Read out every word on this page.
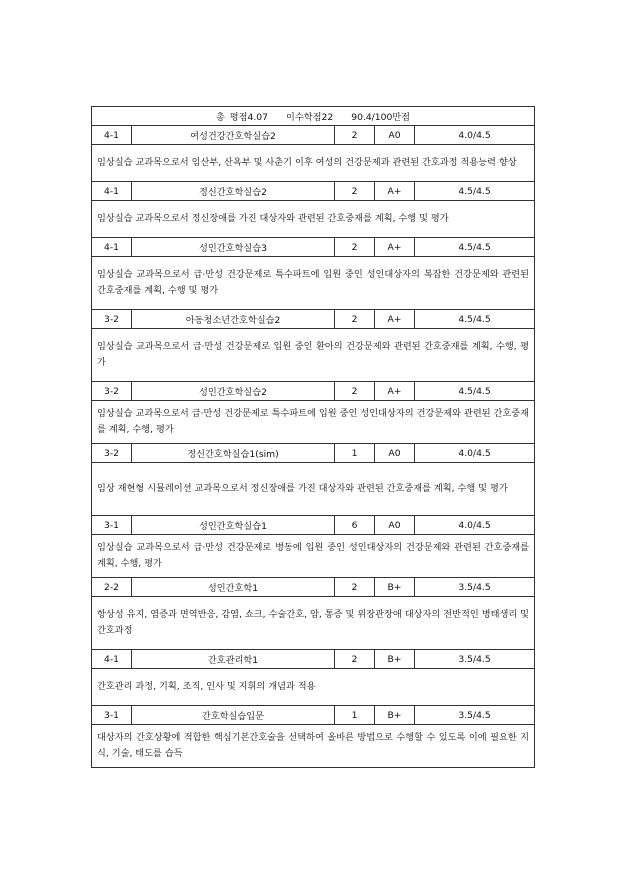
총 평점4.07 이수학점22 90.4/100만점				
4-1	여성건강간호학실습2	2	A0	4.0/4.5
임상실습 교과목으로서 임산부, 산욕부 및 사춘기 이후 여성의 건강문제과 관련된 간호과정 적용능력 향상				
4-1	정신간호학실습2	2	A+	4.5/4.5
임상실습 교과목으로서 정신장애를 가진 대상자와 관련된 간호중재를 계획, 수행 및 평가				
4-1	성인간호학실습3	2	A+	4.5/4.5
임상실습 교과목으로서 급·만성 건강문제로 특수파트에 입원 중인 성인대상자의 복잡한 건강문제와 관련된 간호중재를 계획, 수행 및 평가				
3-2	아동청소년간호학실습2	2	A+	4.5/4.5
임상실습 교과목으로서 급·만성 건강문제로 입원 중인 환아의 건강문제와 관련된 간호중재를 계획, 수행, 평가				
3-2	성인간호학실습2	2	A+	4.5/4.5
임상실습 교과목으로서 급·만성 건강문제로 특수파트에 입원 중인 성인대상자의 건강문제와 관련된 간호중재를 계획, 수행, 평가				
3-2	정신간호학실습1(sim)	1	A0	4.0/4.5
임상 재현형 시뮬레이션 교과목으로서 정신장애를 가진 대상자와 관련된 간호중재를 계획, 수행 및 평가				
3-1	성인간호학실습1	6	A0	4.0/4.5
임상실습 교과목으로서 급·만성 건강문제로 병동에 입원 중인 성인대상자의 건강문제와 관련된 간호중재를 계획, 수행, 평가				
2-2	성인간호학1	2	B+	3.5/4.5
항상성 유지, 염증과 면역반응, 감염, 쇼크, 수술간호, 암, 통증 및 위장관장애 대상자의 전반적인 병태생리 및 간호과정				
4-1	간호관리학1	2	B+	3.5/4.5
간호관리 과정, 기획, 조직, 인사 및 지휘의 개념과 적용				
3-1	간호학실습입문	1	B+	3.5/4.5
대상자의 간호상황에 적합한 핵심기본간호술을 선택하여 올바른 방법으로 수행할 수 있도록 이에 필요한 지식, 기술, 태도를 습득				
